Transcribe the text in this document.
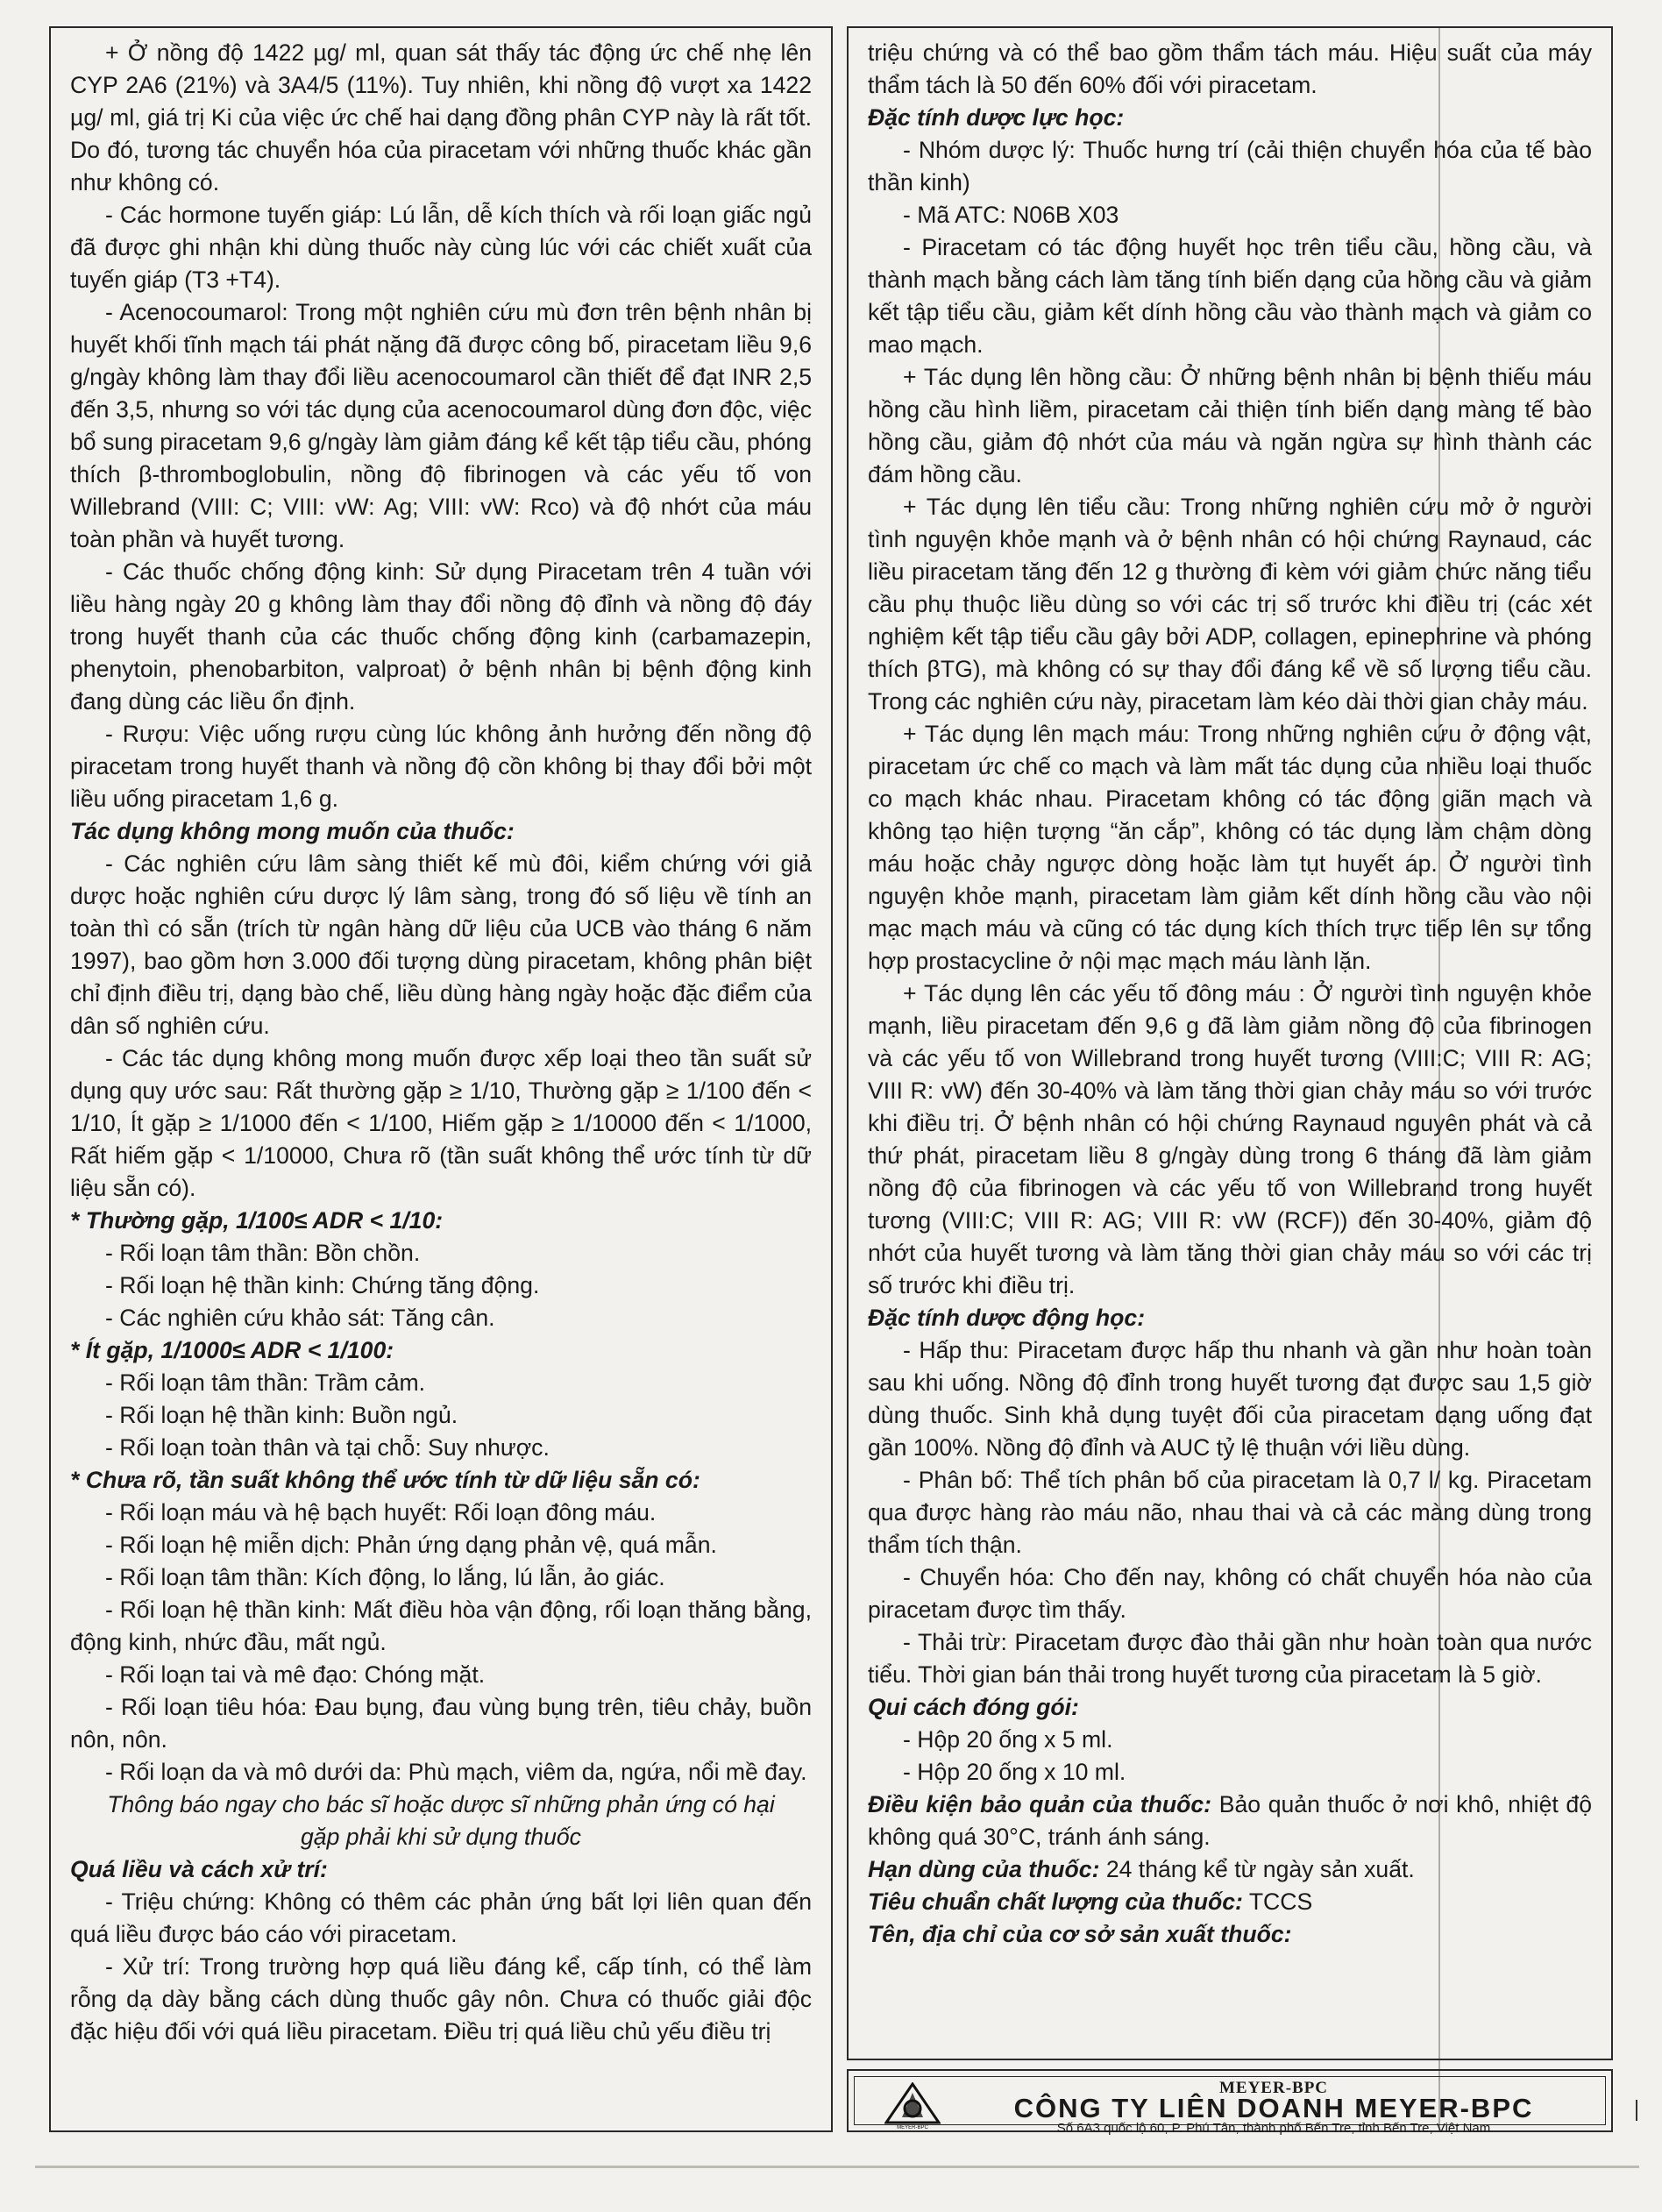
+ Ở nồng độ 1422 µg/ ml, quan sát thấy tác động ức chế nhẹ lên CYP 2A6 (21%) và 3A4/5 (11%). Tuy nhiên, khi nồng độ vượt xa 1422 µg/ ml, giá trị Ki của việc ức chế hai dạng đồng phân CYP này là rất tốt. Do đó, tương tác chuyển hóa của piracetam với những thuốc khác gần như không có.

- Các hormone tuyến giáp: Lú lẫn, dễ kích thích và rối loạn giấc ngủ đã được ghi nhận khi dùng thuốc này cùng lúc với các chiết xuất của tuyến giáp (T3 +T4).

- Acenocoumarol: Trong một nghiên cứu mù đơn trên bệnh nhân bị huyết khối tĩnh mạch tái phát nặng đã được công bố, piracetam liều 9,6 g/ngày không làm thay đổi liều acenocoumarol cần thiết để đạt INR 2,5 đến 3,5, nhưng so với tác dụng của acenocoumarol dùng đơn độc, việc bổ sung piracetam 9,6 g/ngày làm giảm đáng kể kết tập tiểu cầu, phóng thích β-thromboglobulin, nồng độ fibrinogen và các yếu tố von Willebrand (VIII: C; VIII: vW: Ag; VIII: vW: Rco) và độ nhớt của máu toàn phần và huyết tương.

- Các thuốc chống động kinh: Sử dụng Piracetam trên 4 tuần với liều hàng ngày 20 g không làm thay đổi nồng độ đỉnh và nồng độ đáy trong huyết thanh của các thuốc chống động kinh (carbamazepin, phenytoin, phenobarbiton, valproat) ở bệnh nhân bị bệnh động kinh đang dùng các liều ổn định.

- Rượu: Việc uống rượu cùng lúc không ảnh hưởng đến nồng độ piracetam trong huyết thanh và nồng độ cồn không bị thay đổi bởi một liều uống piracetam 1,6 g.

Tác dụng không mong muốn của thuốc:

- Các nghiên cứu lâm sàng thiết kế mù đôi, kiểm chứng với giả dược hoặc nghiên cứu dược lý lâm sàng, trong đó số liệu về tính an toàn thì có sẵn (trích từ ngân hàng dữ liệu của UCB vào tháng 6 năm 1997), bao gồm hơn 3.000 đối tượng dùng piracetam, không phân biệt chỉ định điều trị, dạng bào chế, liều dùng hàng ngày hoặc đặc điểm của dân số nghiên cứu.

- Các tác dụng không mong muốn được xếp loại theo tần suất sử dụng quy ước sau: Rất thường gặp ≥ 1/10, Thường gặp ≥ 1/100 đến < 1/10, Ít gặp ≥ 1/1000 đến < 1/100, Hiếm gặp ≥ 1/10000 đến < 1/1000, Rất hiếm gặp < 1/10000, Chưa rõ (tần suất không thể ước tính từ dữ liệu sẵn có).

* Thường gặp, 1/100≤ ADR < 1/10:

- Rối loạn tâm thần: Bồn chồn.

- Rối loạn hệ thần kinh: Chứng tăng động.

- Các nghiên cứu khảo sát: Tăng cân.

* Ít gặp, 1/1000≤ ADR < 1/100:

- Rối loạn tâm thần: Trầm cảm.

- Rối loạn hệ thần kinh: Buồn ngủ.

- Rối loạn toàn thân và tại chỗ: Suy nhược.

* Chưa rõ, tần suất không thể ước tính từ dữ liệu sẵn có:

- Rối loạn máu và hệ bạch huyết: Rối loạn đông máu.

- Rối loạn hệ miễn dịch: Phản ứng dạng phản vệ, quá mẫn.

- Rối loạn tâm thần: Kích động, lo lắng, lú lẫn, ảo giác.

- Rối loạn hệ thần kinh: Mất điều hòa vận động, rối loạn thăng bằng, động kinh, nhức đầu, mất ngủ.

- Rối loạn tai và mê đạo: Chóng mặt.

- Rối loạn tiêu hóa: Đau bụng, đau vùng bụng trên, tiêu chảy, buồn nôn, nôn.

- Rối loạn da và mô dưới da: Phù mạch, viêm da, ngứa, nổi mề đay.

Thông báo ngay cho bác sĩ hoặc dược sĩ những phản ứng có hại gặp phải khi sử dụng thuốc

Quá liều và cách xử trí:

- Triệu chứng: Không có thêm các phản ứng bất lợi liên quan đến quá liều được báo cáo với piracetam.

- Xử trí: Trong trường hợp quá liều đáng kể, cấp tính, có thể làm rỗng dạ dày bằng cách dùng thuốc gây nôn. Chưa có thuốc giải độc đặc hiệu đối với quá liều piracetam. Điều trị quá liều chủ yếu điều trị

triệu chứng và có thể bao gồm thẩm tách máu. Hiệu suất của máy thẩm tách là 50 đến 60% đối với piracetam.

Đặc tính dược lực học:

- Nhóm dược lý: Thuốc hưng trí (cải thiện chuyển hóa của tế bào thần kinh)

- Mã ATC: N06B X03

- Piracetam có tác động huyết học trên tiểu cầu, hồng cầu, và thành mạch bằng cách làm tăng tính biến dạng của hồng cầu và giảm kết tập tiểu cầu, giảm kết dính hồng cầu vào thành mạch và giảm co mao mạch.

+ Tác dụng lên hồng cầu: Ở những bệnh nhân bị bệnh thiếu máu hồng cầu hình liềm, piracetam cải thiện tính biến dạng màng tế bào hồng cầu, giảm độ nhớt của máu và ngăn ngừa sự hình thành các đám hồng cầu.

+ Tác dụng lên tiểu cầu: Trong những nghiên cứu mở ở người tình nguyện khỏe mạnh và ở bệnh nhân có hội chứng Raynaud, các liều piracetam tăng đến 12 g thường đi kèm với giảm chức năng tiểu cầu phụ thuộc liều dùng so với các trị số trước khi điều trị (các xét nghiệm kết tập tiểu cầu gây bởi ADP, collagen, epinephrine và phóng thích βTG), mà không có sự thay đổi đáng kể về số lượng tiểu cầu. Trong các nghiên cứu này, piracetam làm kéo dài thời gian chảy máu.

+ Tác dụng lên mạch máu: Trong những nghiên cứu ở động vật, piracetam ức chế co mạch và làm mất tác dụng của nhiều loại thuốc co mạch khác nhau. Piracetam không có tác động giãn mạch và không tạo hiện tượng “ăn cắp”, không có tác dụng làm chậm dòng máu hoặc chảy ngược dòng hoặc làm tụt huyết áp. Ở người tình nguyện khỏe mạnh, piracetam làm giảm kết dính hồng cầu vào nội mạc mạch máu và cũng có tác dụng kích thích trực tiếp lên sự tổng hợp prostacycline ở nội mạc mạch máu lành lặn.

+ Tác dụng lên các yếu tố đông máu : Ở người tình nguyện khỏe mạnh, liều piracetam đến 9,6 g đã làm giảm nồng độ của fibrinogen và các yếu tố von Willebrand trong huyết tương (VIII:C; VIII R: AG; VIII R: vW) đến 30-40% và làm tăng thời gian chảy máu so với trước khi điều trị. Ở bệnh nhân có hội chứng Raynaud nguyên phát và cả thứ phát, piracetam liều 8 g/ngày dùng trong 6 tháng đã làm giảm nồng độ của fibrinogen và các yếu tố von Willebrand trong huyết tương (VIII:C; VIII R: AG; VIII R: vW (RCF)) đến 30-40%, giảm độ nhớt của huyết tương và làm tăng thời gian chảy máu so với các trị số trước khi điều trị.

Đặc tính dược động học:

- Hấp thu: Piracetam được hấp thu nhanh và gần như hoàn toàn sau khi uống. Nồng độ đỉnh trong huyết tương đạt được sau 1,5 giờ dùng thuốc. Sinh khả dụng tuyệt đối của piracetam dạng uống đạt gần 100%. Nồng độ đỉnh và AUC tỷ lệ thuận với liều dùng.

- Phân bố: Thể tích phân bố của piracetam là 0,7 l/ kg. Piracetam qua được hàng rào máu não, nhau thai và cả các màng dùng trong thẩm tích thận.

- Chuyển hóa: Cho đến nay, không có chất chuyển hóa nào của piracetam được tìm thấy.

- Thải trừ: Piracetam được đào thải gần như hoàn toàn qua nước tiểu. Thời gian bán thải trong huyết tương của piracetam là 5 giờ.

Qui cách đóng gói:

- Hộp 20 ống x 5 ml.

- Hộp 20 ống x 10 ml.

Điều kiện bảo quản của thuốc: Bảo quản thuốc ở nơi khô, nhiệt độ không quá 30°C, tránh ánh sáng.

Hạn dùng của thuốc: 24 tháng kể từ ngày sản xuất.

Tiêu chuẩn chất lượng của thuốc: TCCS

Tên, địa chỉ của cơ sở sản xuất thuốc:

MEYER-BPC
MEYER-BPC
CÔNG TY LIÊN DOANH MEYER-BPC
Số 6A3 quốc lộ 60, P. Phú Tân, thành phố Bến Tre, tỉnh Bến Tre, Việt Nam
